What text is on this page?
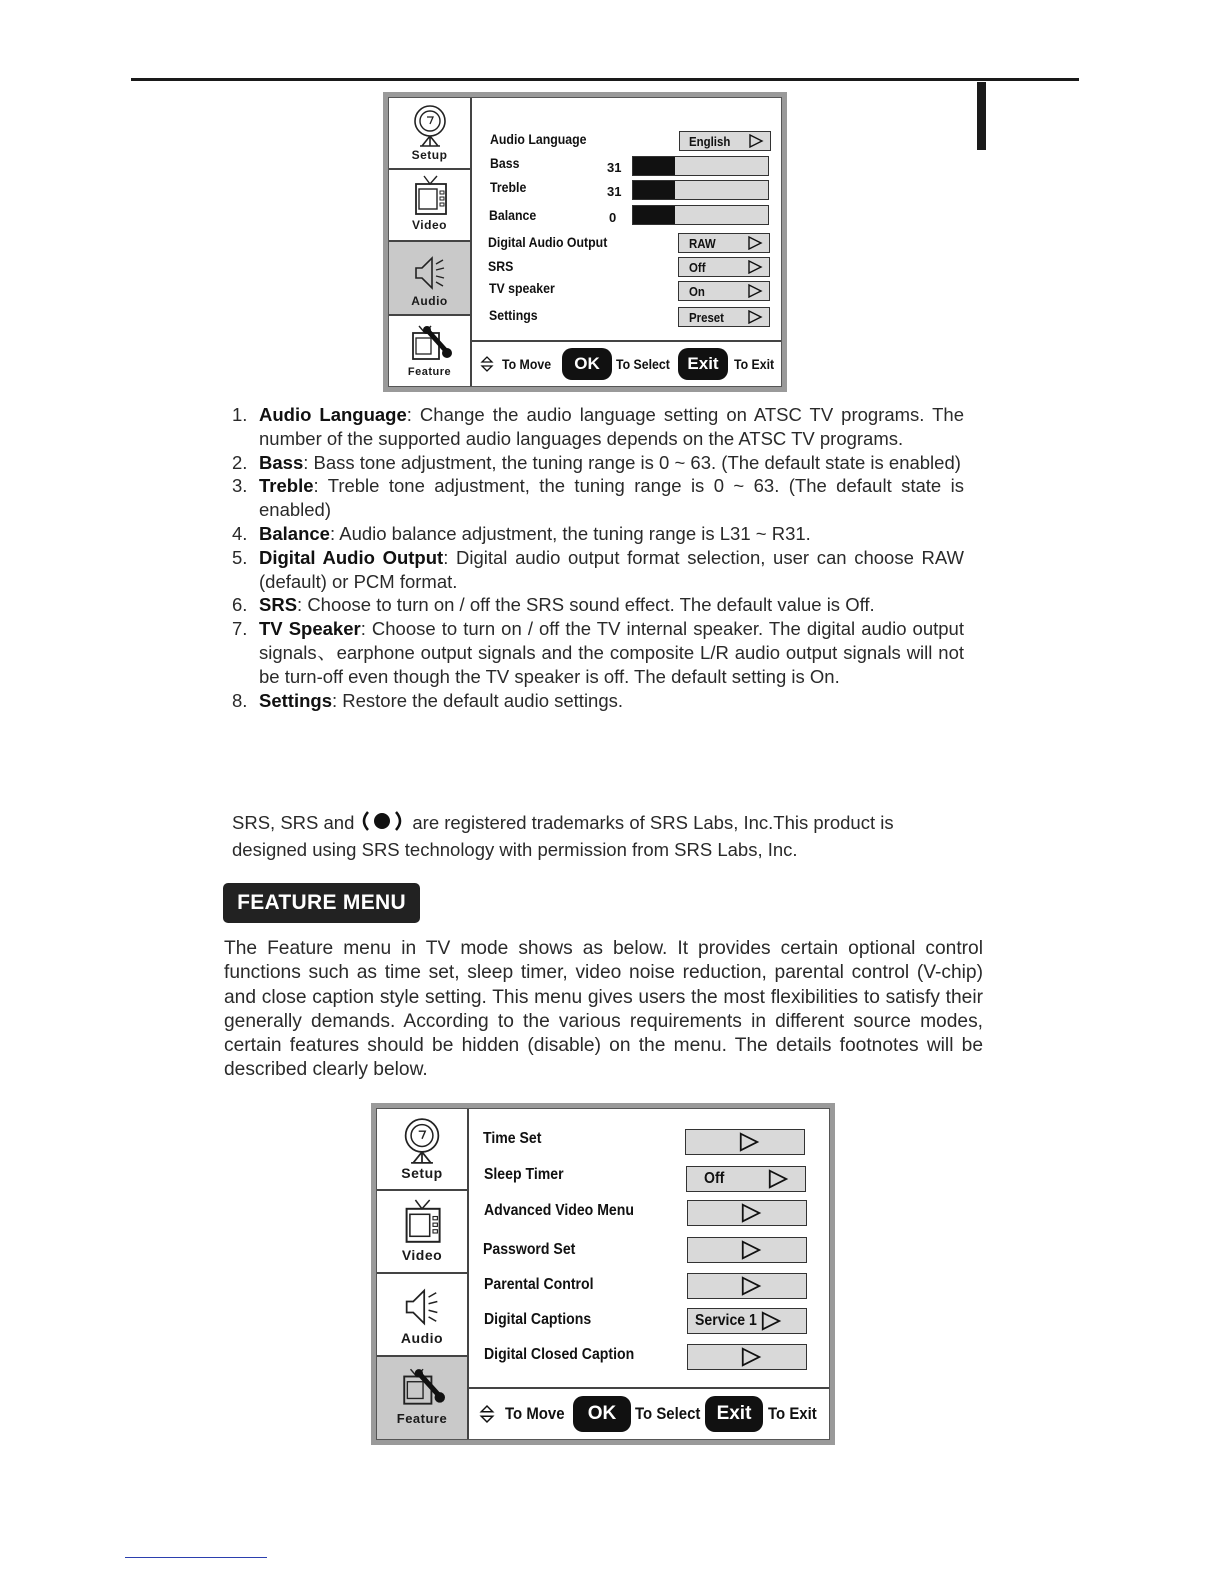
Setup
Video
Audio
Feature
Audio Language	English
Bass	31
Treble	31
Balance	0
Digital Audio Output	RAW
SRS	Off
TV speaker	On
Settings	Preset
To Move	OK	To Select	Exit	To Exit
1. Audio Language: Change the audio language setting on ATSC TV programs. The number of the supported audio languages depends on the ATSC TV programs.
2. Bass: Bass tone adjustment, the tuning range is 0 ~ 63. (The default state is enabled)
3. Treble: Treble tone adjustment, the tuning range is 0 ~ 63. (The default state is enabled)
4. Balance: Audio balance adjustment, the tuning range is L31 ~ R31.
5. Digital Audio Output: Digital audio output format selection, user can choose RAW (default) or PCM format.
6. SRS: Choose to turn on / off the SRS sound effect. The default value is Off.
7. TV Speaker: Choose to turn on / off the TV internal speaker. The digital audio output signals、earphone output signals and the composite L/R audio output signals will not be turn-off even though the TV speaker is off. The default setting is On.
8. Settings: Restore the default audio settings.
SRS, SRS and	are registered trademarks of SRS Labs, Inc.This product is designed using SRS technology with permission from SRS Labs, Inc.
FEATURE MENU
The Feature menu in TV mode shows as below. It provides certain optional control functions such as time set, sleep timer, video noise reduction, parental control (V-chip) and close caption style setting. This menu gives users the most flexibilities to satisfy their generally demands. According to the various requirements in different source modes, certain features should be hidden (disable) on the menu. The details footnotes will be described clearly below.
Setup
Video
Audio
Feature
Time Set
Sleep Timer	Off
Advanced Video Menu
Password Set
Parental Control
Digital Captions	Service 1
Digital Closed Caption
To Move	OK	To Select Exit To Exit
